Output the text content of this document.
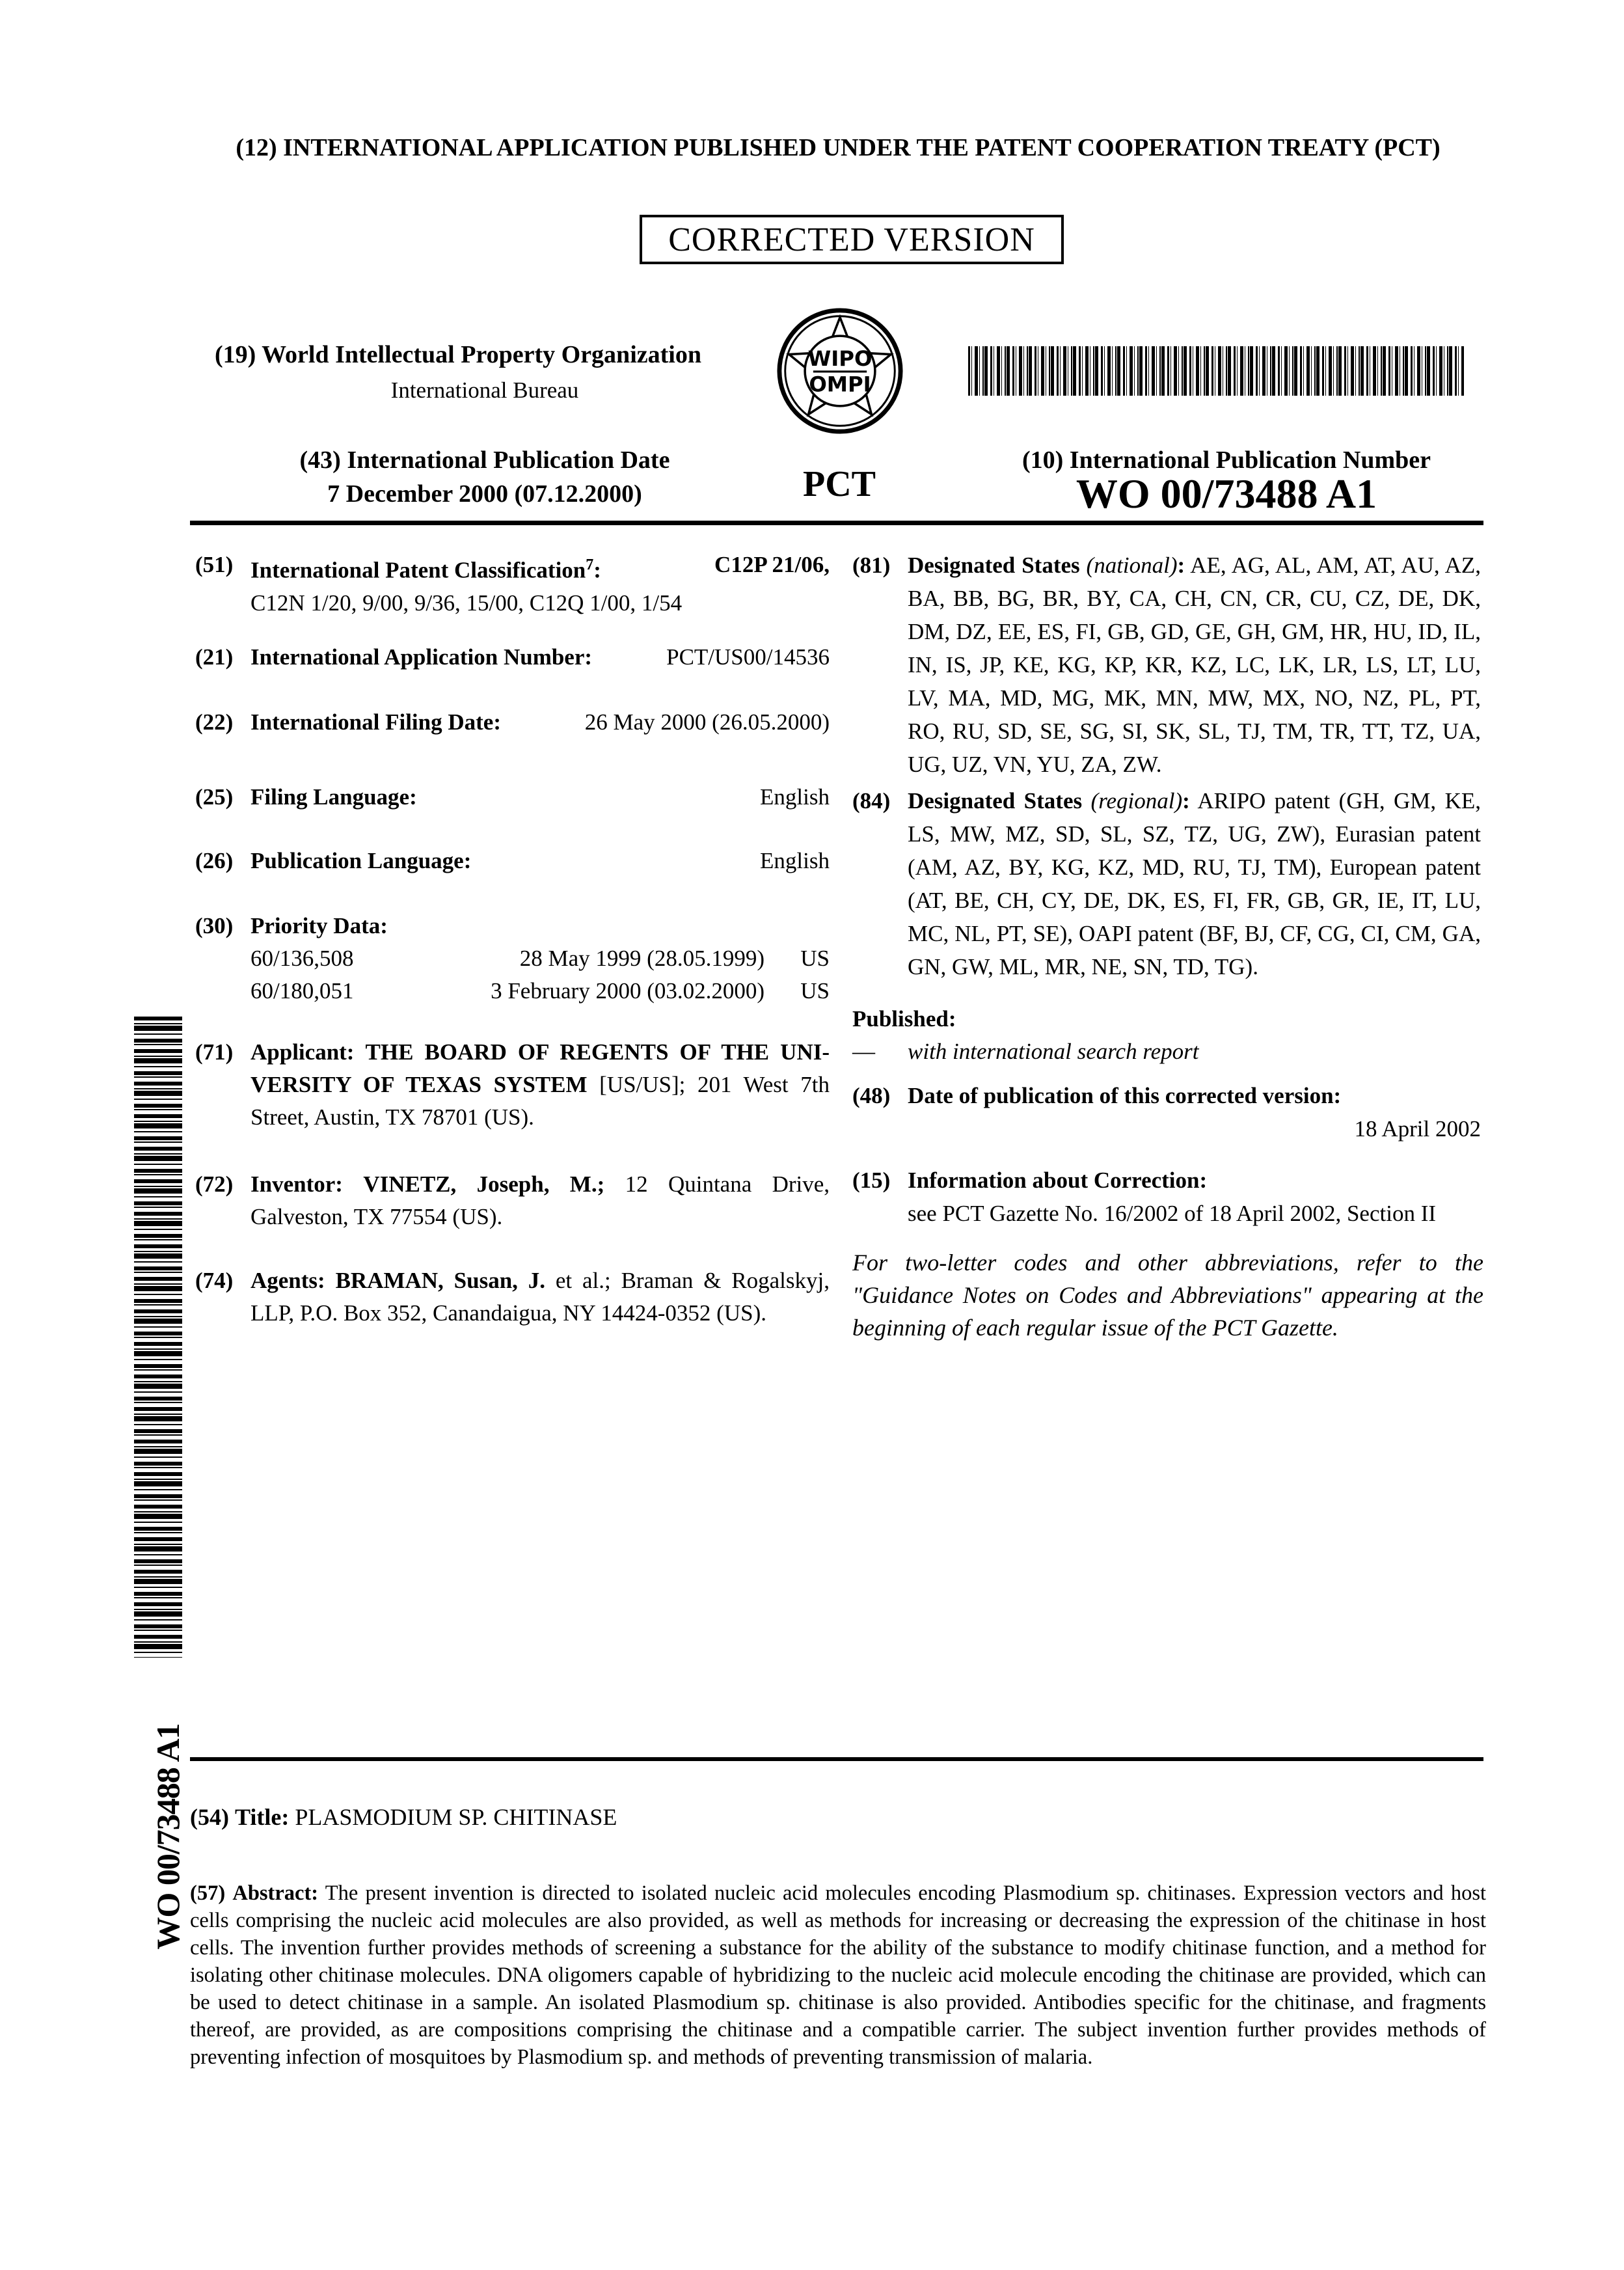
(12) INTERNATIONAL APPLICATION PUBLISHED UNDER THE PATENT COOPERATION TREATY (PCT)
CORRECTED VERSION
(19) World Intellectual Property Organization
International Bureau
WIPO
OMPI
(43) International Publication Date
7 December 2000 (07.12.2000)	PCT
(10) International Publication Number
WO 00/73488 A1
(51) International Patent Classification$^7$:	C12P 21/06,
C12N 1/20, 9/00, 9/36, 15/00, C12Q 1/00, 1/54
(21) International Application Number:	PCT/US00/14536
(22) International Filing Date:	26 May 2000 (26.05.2000)
(25) Filing Language:	English
(26) Publication Language:	English
(30) Priority Data:
60/136,508	28 May 1999 (28.05.1999)	US
60/180,051	3 February 2000 (03.02.2000)	US
(71) Applicant: THE BOARD OF REGENTS OF THE UNI-VERSITY OF TEXAS SYSTEM [US/US]; 201 West 7th Street, Austin, TX 78701 (US).
(72) Inventor: VINETZ, Joseph, M.; 12 Quintana Drive, Galveston, TX 77554 (US).
(74) Agents: BRAMAN, Susan, J. et al.; Braman & Rogalskyj, LLP, P.O. Box 352, Canandaigua, NY 14424-0352 (US).
(81) Designated States (national): AE, AG, AL, AM, AT, AU, AZ, BA, BB, BG, BR, BY, CA, CH, CN, CR, CU, CZ, DE, DK, DM, DZ, EE, ES, FI, GB, GD, GE, GH, GM, HR, HU, ID, IL, IN, IS, JP, KE, KG, KP, KR, KZ, LC, LK, LR, LS, LT, LU, LV, MA, MD, MG, MK, MN, MW, MX, NO, NZ, PL, PT, RO, RU, SD, SE, SG, SI, SK, SL, TJ, TM, TR, TT, TZ, UA, UG, UZ, VN, YU, ZA, ZW.
(84) Designated States (regional): ARIPO patent (GH, GM, KE, LS, MW, MZ, SD, SL, SZ, TZ, UG, ZW), Eurasian patent (AM, AZ, BY, KG, KZ, MD, RU, TJ, TM), European patent (AT, BE, CH, CY, DE, DK, ES, FI, FR, GB, GR, IE, IT, LU, MC, NL, PT, SE), OAPI patent (BF, BJ, CF, CG, CI, CM, GA, GN, GW, ML, MR, NE, SN, TD, TG).
Published:
—	with international search report
(48) Date of publication of this corrected version:
18 April 2002
(15) Information about Correction:
see PCT Gazette No. 16/2002 of 18 April 2002, Section II
For two-letter codes and other abbreviations, refer to the "Guidance Notes on Codes and Abbreviations" appearing at the beginning of each regular issue of the PCT Gazette.
WO 00/73488 A1 (54) Title: PLASMODIUM SP. CHITINASE
(57) Abstract: The present invention is directed to isolated nucleic acid molecules encoding Plasmodium sp. chitinases. Expression vectors and host cells comprising the nucleic acid molecules are also provided, as well as methods for increasing or decreasing the expression of the chitinase in host cells. The invention further provides methods of screening a substance for the ability of the substance to modify chitinase function, and a method for isolating other chitinase molecules. DNA oligomers capable of hybridizing to the nucleic acid molecule encoding the chitinase are provided, which can be used to detect chitinase in a sample. An isolated Plasmodium sp. chitinase is also provided. Antibodies specific for the chitinase, and fragments thereof, are provided, as are compositions comprising the chitinase and a compatible carrier. The subject invention further provides methods of preventing infection of mosquitoes by Plasmodium sp. and methods of preventing transmission of malaria.
